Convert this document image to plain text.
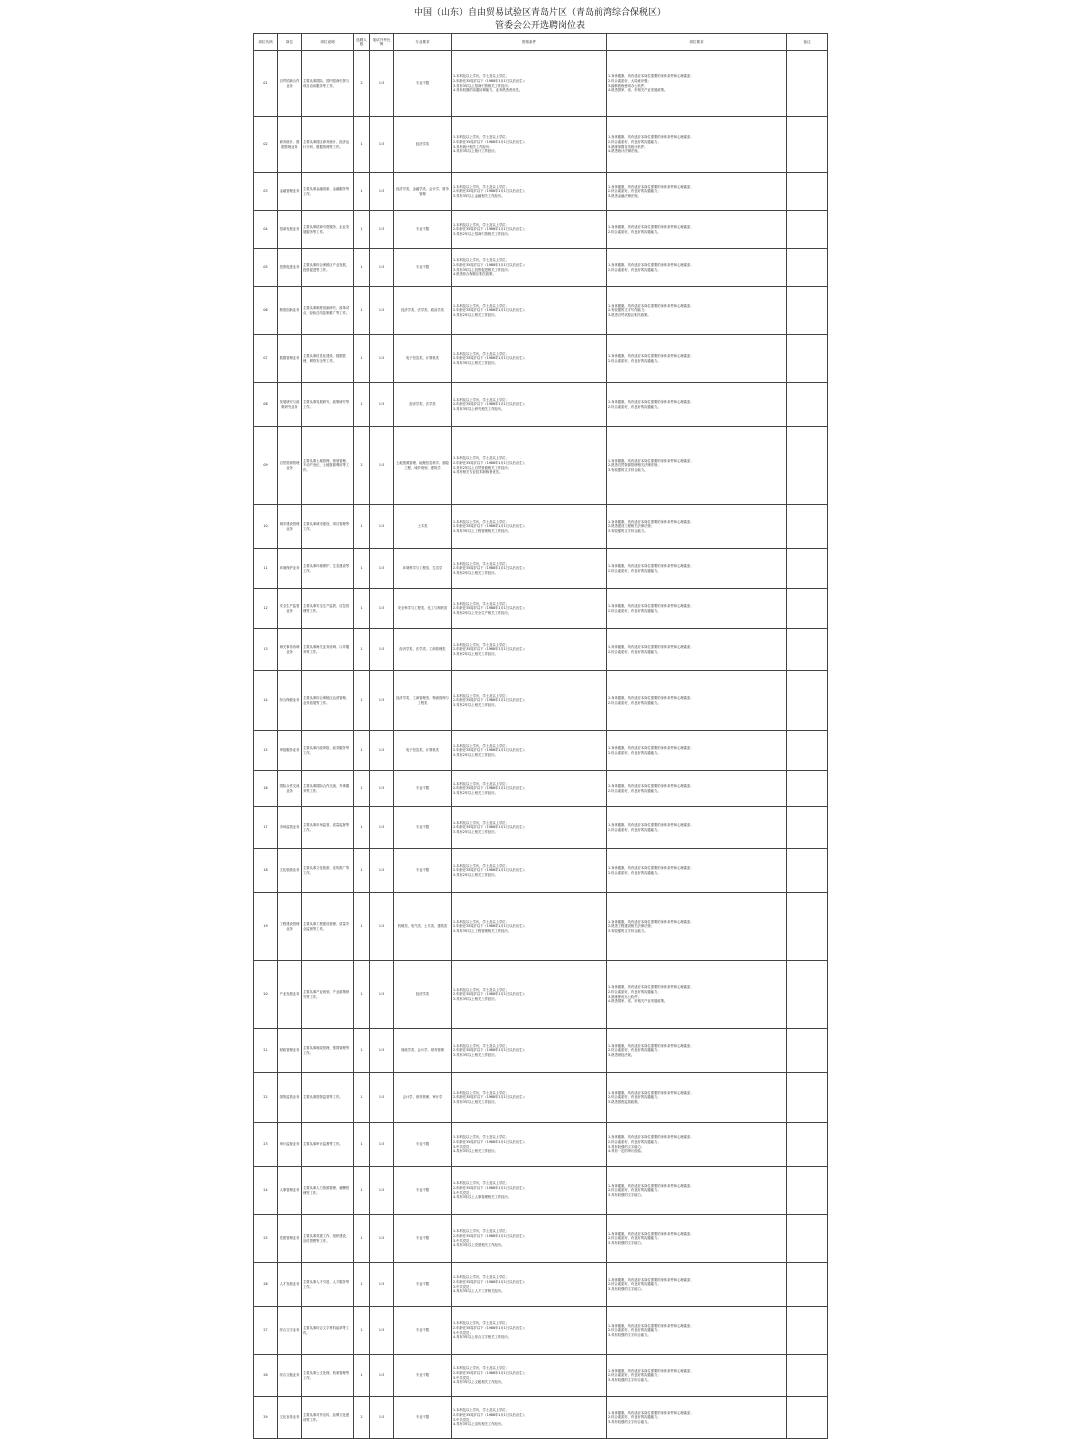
中国（山东）自由贸易试验区青岛片区（青岛前湾综合保税区）
管委会公开选聘岗位表
岗位代码	岗位	岗位说明	选聘人数	笔试开考比例	专业要求	资格条件	岗位要求	备注
01	自贸招商合作业务	主要从事国际、国内招商引资与项目洽谈服务等工作。	2	1:3	专业不限	1.本科及以上学历，学士及以上学位；
2.年龄在35周岁以下（1988年1月1日以后出生）；
3.具有3年以上招商引资相关工作经历；
4.具有较强的沟通协调能力，业务熟悉者优先。	1.身体健康，具有适应本岗位需要的身体条件和心理素质；
2.综合素质好，大局意识强；
3.能够熟练使用办公软件；
4.熟悉国家、省、市相关产业发展政策。	
02	商务统计、数据管理业务	主要从事园区商务统计、经济运行分析、数据管理等工作。	1	1:3	经济学类	1.本科及以上学历，学士及以上学位；
2.年龄在35周岁以下（1988年1月1日以后出生）；
3.具有统计相关工作经历；
4.具有3年以上统计工作经历。	1.身体健康，具有适应本岗位需要的身体条件和心理素质；
2.综合素质好，有良好的沟通能力；
3.熟练掌握各类统计软件；
4.熟悉统计法律法规。	
03	金融管理业务	主要从事金融创新、金融服务等工作。	1	1:3	经济学类、金融学类、会计学、财务管理	1.本科及以上学历，学士及以上学位；
2.年龄在35周岁以下（1988年1月1日以后出生）；
3.具有3年以上金融相关工作经历。	1.身体健康，具有适应本岗位需要的身体条件和心理素质；
2.综合素质好，有良好的沟通能力；
3.熟悉金融法律法规。	
04	招商发展业务	主要从事招商引资服务、企业发展服务等工作。	1	1:3	专业不限	1.本科及以上学历，学士及以上学位；
2.年龄在35周岁以下（1988年1月1日以后出生）；
3.具有2年以上招商引资相关工作经历。	1.身体健康，具有适应本岗位需要的身体条件和心理素质；
2.综合素质好，有良好的沟通能力。	
05	投资促进业务	主要从事综合保税区产业发展、投资促进等工作。	1	1:3	专业不限	1.本科及以上学历，学士及以上学位；
2.年龄在35周岁以下（1988年1月1日以后出生）；
3.具有3年以上投资促进相关工作经历；
4.熟悉综合保税区相关政策。	1.身体健康，具有适应本岗位需要的身体条件和心理素质；
2.综合素质好，有良好的沟通能力。	
06	制度创新业务	主要从事制度创新研究、改革试点、经验总结复制推广等工作。	1	1:3	经济学类、法学类、政治学类	1.本科及以上学历，学士及以上学位；
2.年龄在35周岁以下（1988年1月1日以后出生）；
3.具有2年以上相关工作经历。	1.身体健康，具有适应本岗位需要的身体条件和心理素质；
2.有较强的文字写作能力；
3.熟悉自贸试验区相关政策。	
07	数据管理业务	主要从事信息化建设、数据管理、网络安全等工作。	1	1:3	电子信息类、计算机类	1.本科及以上学历，学士及以上学位；
2.年龄在35周岁以下（1988年1月1日以后出生）；
3.具有3年以上相关工作经历。	1.身体健康，具有适应本岗位需要的身体条件和心理素质；
2.综合素质好，有良好的沟通能力。	
08	发展研究与政策研究业务	主要从事发展研究、政策研究等工作。	1	1:3	经济学类、法学类	1.本科及以上学历，学士及以上学位；
2.年龄在35周岁以下（1988年1月1日以后出生）；
3.具有3年以上研究相关工作经历。	1.身体健康，具有适应本岗位需要的身体条件和心理素质；
2.综合素质好，有良好的沟通能力。	
09	自然资源管理业务	主要从事土地管理、规划管理、不动产登记、土地资源利用等工作。	2	1:3	土地资源管理、地理信息科学、测绘工程、城乡规划、建筑学	1.本科及以上学历，学士及以上学位；
2.年龄在35周岁以下（1988年1月1日以后出生）；
3.具有2年以上自然资源相关工作经历；
4.具有相关专业技术职称者优先。	1.身体健康，具有适应本岗位需要的身体条件和心理素质；
2.熟悉自然资源管理相关法律法规；
3.有较强的文字综合能力。	
10	城市建设管理业务	主要从事城市建设、项目管理等工作。	1	1:3	土木类	1.本科及以上学历，学士及以上学位；
2.年龄在35周岁以下（1988年1月1日以后出生）；
3.具有3年以上工程管理相关工作经历。	1.身体健康，具有适应本岗位需要的身体条件和心理素质；
2.熟悉建设工程相关法律法规；
3.有较强的文字综合能力。	
11	环境保护业务	主要从事环境保护、生态建设等工作。	1	1:3	环境科学与工程类、生态学	1.本科及以上学历，学士及以上学位；
2.年龄在35周岁以下（1988年1月1日以后出生）；
3.具有2年以上相关工作经历。	1.身体健康，具有适应本岗位需要的身体条件和心理素质；
2.综合素质好，有良好的沟通能力。	
12	安全生产监管业务	主要从事安全生产监管、应急管理等工作。	1	1:3	安全科学与工程类、化工与制药类	1.本科及以上学历，学士及以上学位；
2.年龄在35周岁以下（1988年1月1日以后出生）；
3.具有2年以上安全生产相关工作经历。	1.身体健康，具有适应本岗位需要的身体条件和心理素质；
2.综合素质好，有良好的沟通能力。	
13	海关事务协调业务	主要从事海关业务协调、口岸服务等工作。	1	1:3	经济学类、法学类、工商管理类	1.本科及以上学历，学士及以上学位；
2.年龄在35周岁以下（1988年1月1日以后出生）；
3.具有2年以上相关工作经历。	1.身体健康，具有适应本岗位需要的身体条件和心理素质；
2.综合素质好，有良好的沟通能力。	
14	综合保税业务	主要从事综合保税区运营管理、业务拓展等工作。	1	1:3	经济学类、工商管理类、物流管理与工程类	1.本科及以上学历，学士及以上学位；
2.年龄在35周岁以下（1988年1月1日以后出生）；
3.具有2年以上相关工作经历。	1.身体健康，具有适应本岗位需要的身体条件和心理素质；
2.综合素质好，有良好的沟通能力。	
15	审批服务业务	主要从事行政审批、政务服务等工作。	1	1:3	电子信息类、计算机类	1.本科及以上学历，学士及以上学位；
2.年龄在35周岁以下（1988年1月1日以后出生）；
3.具有2年以上相关工作经历。	1.身体健康，具有适应本岗位需要的身体条件和心理素质；
2.综合素质好，有良好的沟通能力。	
16	国际合作交流业务	主要从事国际合作交流、外事服务等工作。	1	1:3	专业不限	1.本科及以上学历，学士及以上学位；
2.年龄在35周岁以下（1988年1月1日以后出生）；
3.具有2年以上相关工作经历。	1.身体健康，具有适应本岗位需要的身体条件和心理素质；
2.综合素质好，有良好的沟通能力。	
17	市场监管业务	主要从事市场监管、质量监督等工作。	1	1:3	专业不限	1.本科及以上学历，学士及以上学位；
2.年龄在35周岁以下（1988年1月1日以后出生）；
3.具有2年以上相关工作经历。	1.身体健康，具有适应本岗位需要的身体条件和心理素质；
2.综合素质好，有良好的沟通能力。	
18	文化旅游业务	主要从事文化旅游、宣传推广等工作。	1	1:3	专业不限	1.本科及以上学历，学士及以上学位；
2.年龄在35周岁以下（1988年1月1日以后出生）；
3.具有2年以上相关工作经历。	1.身体健康，具有适应本岗位需要的身体条件和心理素质；
2.综合素质好，有良好的沟通能力。	
19	工程建设管理业务	主要从事工程建设管理、质量安全监督等工作。	1	1:3	机械类、电气类、土木类、建筑类	1.本科及以上学历，学士及以上学位；
2.年龄在35周岁以下（1988年1月1日以后出生）；
3.具有3年以上工程管理相关工作经历。	1.身体健康，具有适应本岗位需要的身体条件和心理素质；
2.熟悉工程建设相关法律法规；
3.有较强的文字综合能力。	
20	产业发展业务	主要从事产业规划、产业政策研究等工作。	1	1:3	经济学类	1.本科及以上学历，学士及以上学位；
2.年龄在35周岁以下（1988年1月1日以后出生）；
3.具有3年以上相关工作经历。	1.身体健康，具有适应本岗位需要的身体条件和心理素质；
2.综合素质好，有良好的沟通能力；
3.熟练使用办公软件；
4.熟悉国家、省、市相关产业发展政策。	
21	财政管理业务	主要从事财政管理、预算管理等工作。	1	1:3	财政学类、会计学、财务管理	1.本科及以上学历，学士及以上学位；
2.年龄在35周岁以下（1988年1月1日以后出生）；
3.具有3年以上相关工作经历。	1.身体健康，具有适应本岗位需要的身体条件和心理素质；
2.综合素质好，有良好的沟通能力；
3.熟悉财经法规。	
22	国资监管业务	主要从事国资监管等工作。	1	1:3	会计学、财务管理、审计学	1.本科及以上学历，学士及以上学位；
2.年龄在35周岁以下（1988年1月1日以后出生）；
3.具有3年以上相关工作经历。	1.身体健康，具有适应本岗位需要的身体条件和心理素质；
2.综合素质好，有良好的沟通能力；
3.熟悉国资监管政策。	
23	审计监督业务	主要从事审计监督等工作。	1	1:3	专业不限	1.本科及以上学历，学士及以上学位；
2.年龄在35周岁以下（1988年1月1日以后出生）；
3.中共党员；
4.具有3年以上相关工作经历。	1.身体健康，具有适应本岗位需要的身体条件和心理素质；
2.综合素质好，有良好的沟通能力；
3.具有较强的文字能力；
4.具有一定的审计经验。	
24	人事管理业务	主要从事人力资源管理、薪酬管理等工作。	1	1:3	专业不限	1.本科及以上学历，学士及以上学位；
2.年龄在35周岁以下（1988年1月1日以后出生）；
3.中共党员；
4.具有3年以上人事管理相关工作经历。	1.身体健康，具有适应本岗位需要的身体条件和心理素质；
2.综合素质好，有良好的沟通能力；
3.具有较强的文字能力。	
25	党建管理业务	主要从事党建工作、组织建设、宣传思想等工作。	1	1:3	专业不限	1.本科及以上学历，学士及以上学位；
2.年龄在35周岁以下（1988年1月1日以后出生）；
3.中共党员；
4.具有3年以上党建相关工作经历。	1.身体健康，具有适应本岗位需要的身体条件和心理素质；
2.综合素质好，有良好的沟通能力；
3.具有较强的文字能力。	
26	人才发展业务	主要从事人才引进、人才服务等工作。	1	1:3	专业不限	1.本科及以上学历，学士及以上学位；
2.年龄在35周岁以下（1988年1月1日以后出生）；
3.中共党员；
4.具有3年以上人才工作相关经历。	1.身体健康，具有适应本岗位需要的身体条件和心理素质；
2.综合素质好，有良好的沟通能力；
3.具有较强的文字能力。	
27	综合文字业务	主要从事综合文字材料起草等工作。	1	1:3	专业不限	1.本科及以上学历，学士及以上学位；
2.年龄在35周岁以下（1988年1月1日以后出生）；
3.中共党员；
4.具有3年以上综合文字相关工作经历。	1.身体健康，具有适应本岗位需要的身体条件和心理素质；
2.综合素质好，有良好的沟通能力；
3.具有较强的文字综合能力。	
28	综合文秘业务	主要从事公文处理、档案管理等工作。	1	1:3	专业不限	1.本科及以上学历，学士及以上学位；
2.年龄在35周岁以下（1988年1月1日以后出生）；
3.中共党员；
4.具有3年以上文秘相关工作经历。	1.身体健康，具有适应本岗位需要的身体条件和心理素质；
2.综合素质好，有良好的沟通能力；
3.具有较强的文字综合能力。	
29	文化宣传业务	主要从事对外宣传、品牌文化建设等工作。	2	1:3	专业不限	1.本科及以上学历，学士及以上学位；
2.年龄在35周岁以下（1988年1月1日以后出生）；
3.中共党员；
4.具有3年以上宣传相关工作经历。	1.身体健康，具有适应本岗位需要的身体条件和心理素质；
2.综合素质好，有良好的沟通能力；
3.具有较强的文字综合能力。	
